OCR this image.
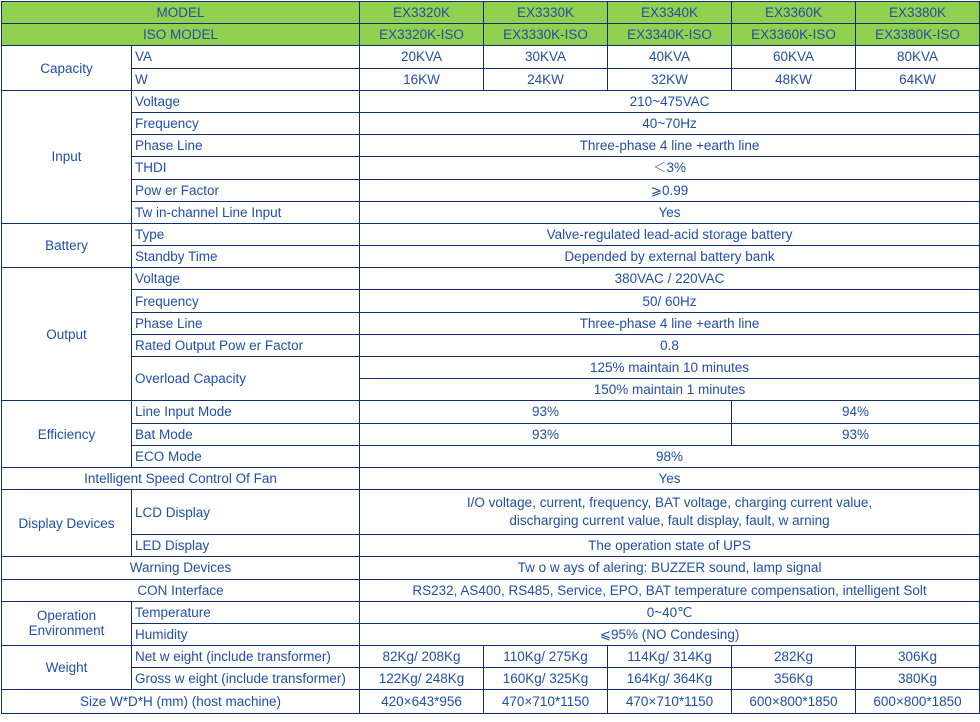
MODEL		EX3320K	EX3330K	EX3340K	EX3360K	EX3380K
ISO MODEL		EX3320K-ISO	EX3330K-ISO	EX3340K-ISO	EX3360K-ISO	EX3380K-ISO
Capacity	VA	20KVA	30KVA	40KVA	60KVA	80KVA
	W	16KW	24KW	32KW	48KW	64KW
Input	Voltage	210~475VAC				
	Frequency	40~70Hz				
	Phase Line	Three-phase 4 line +earth line				
	THDI	＜3%				
	Pow er Factor	⩾0.99				
	Tw in-channel Line Input	Yes				
Battery	Type	Valve-regulated lead-acid storage battery				
	Standby Time	Depended by external battery bank				
Output	Voltage	380VAC / 220VAC				
	Frequency	50/ 60Hz				
	Phase Line	Three-phase 4 line +earth line				
	Rated Output Pow er Factor	0.8				
	Overload Capacity	125% maintain 10 minutes				
		150% maintain 1 minutes				
Efficiency	Line Input Mode	93%			94%	
	Bat Mode	93%			93%	
	ECO Mode	98%				
Intelligent Speed Control Of Fan		Yes				
Display Devices	LCD Display	I/O voltage, current, frequency, BAT voltage, charging current value,
discharging current value, fault display, fault, w arning				

	LED Display	The operation state of UPS				
Warning Devices		Tw o w ays of alering: BUZZER sound, lamp signal				
CON Interface		RS232, AS400, RS485, Service, EPO, BAT temperature compensation, intelligent Solt				

Operation
Environment	Temperature	0~40℃				
	Humidity	⩽95% (NO Condesing)				
Weight	Net w eight (include transformer)	82Kg/ 208Kg	110Kg/ 275Kg	114Kg/ 314Kg	282Kg	306Kg
	Gross w eight (include transformer)	122Kg/ 248Kg	160Kg/ 325Kg	164Kg/ 364Kg	356Kg	380Kg
Size W*D*H (mm) (host machine)		420×643*956	470×710*1150	470×710*1150	600×800*1850	600×800*1850
